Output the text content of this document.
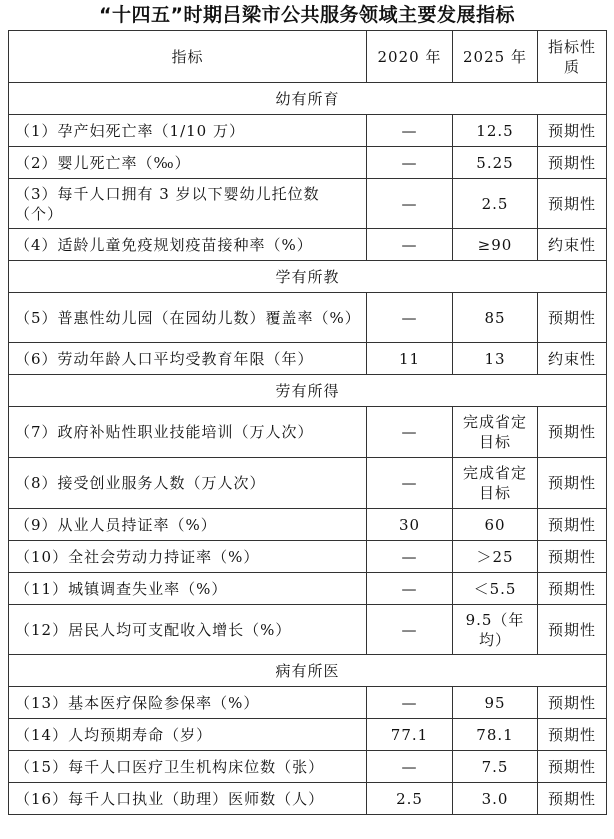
“十四五”时期吕梁市公共服务领域主要发展指标
指标	2020 年	2025 年	指标性质
幼有所育			
（1）孕产妇死亡率（1/10 万）	—	12.5	预期性
（2）婴儿死亡率（‰）	—	5.25	预期性
（3）每千人口拥有 3 岁以下婴幼儿托位数（个）	—	2.5	预期性
（4）适龄儿童免疫规划疫苗接种率（%）	—	≥90	约束性
学有所教			
（5）普惠性幼儿园（在园幼儿数）覆盖率（%）	—	85	预期性
（6）劳动年龄人口平均受教育年限（年）	11	13	约束性
劳有所得			
（7）政府补贴性职业技能培训（万人次）	—	完成省定目标	预期性
（8）接受创业服务人数（万人次）	—	完成省定目标	预期性
（9）从业人员持证率（%）	30	60	预期性
（10）全社会劳动力持证率（%）	—	＞25	预期性
（11）城镇调查失业率（%）	—	＜5.5	预期性
（12）居民人均可支配收入增长（%）	—	9.5（年均）	预期性
病有所医			
（13）基本医疗保险参保率（%）	—	95	预期性
（14）人均预期寿命（岁）	77.1	78.1	预期性
（15）每千人口医疗卫生机构床位数（张）	—	7.5	预期性
（16）每千人口执业（助理）医师数（人）	2.5	3.0	预期性
